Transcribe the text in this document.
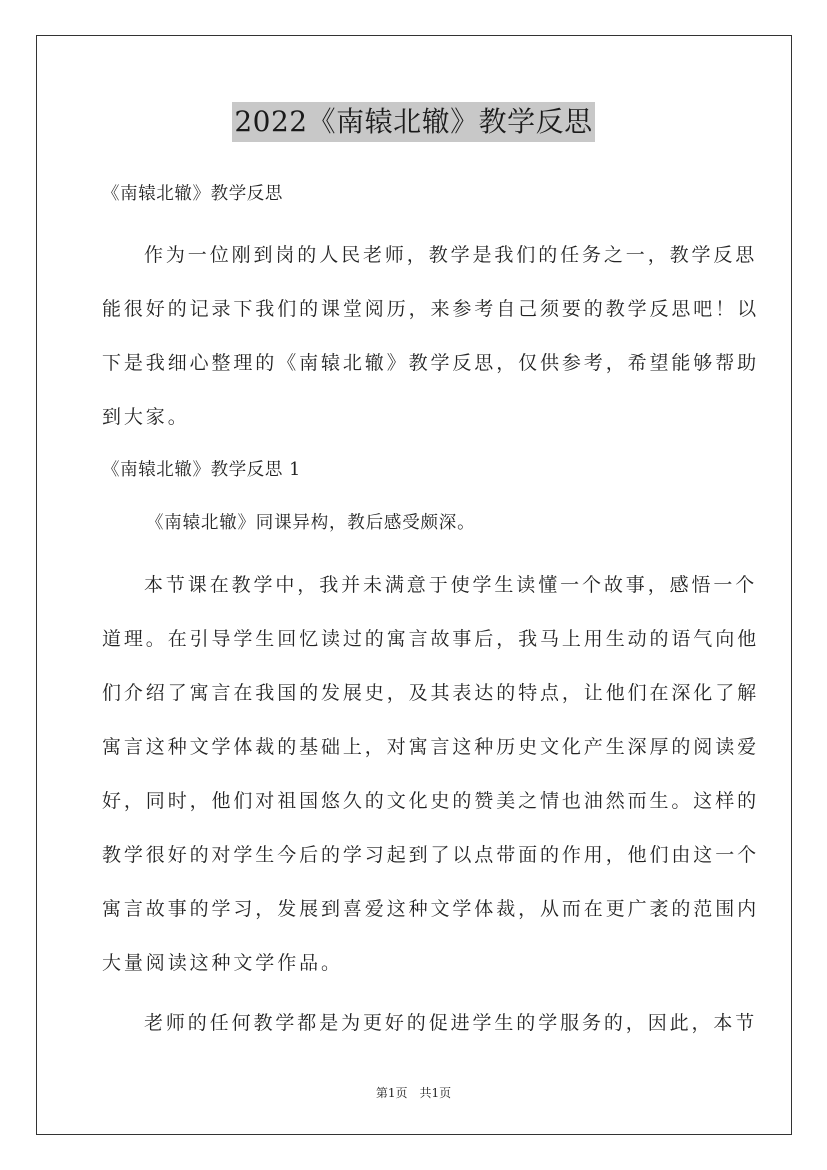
2022《南辕北辙》教学反思
《南辕北辙》教学反思
作为一位刚到岗的人民老师，教学是我们的任务之一，教学反思
能很好的记录下我们的课堂阅历，来参考自己须要的教学反思吧！以
下是我细心整理的《南辕北辙》教学反思，仅供参考，希望能够帮助
到大家。
《南辕北辙》教学反思 1
《南辕北辙》同课异构，教后感受颇深。
本节课在教学中，我并未满意于使学生读懂一个故事，感悟一个
道理。在引导学生回忆读过的寓言故事后，我马上用生动的语气向他
们介绍了寓言在我国的发展史，及其表达的特点，让他们在深化了解
寓言这种文学体裁的基础上，对寓言这种历史文化产生深厚的阅读爱
好，同时，他们对祖国悠久的文化史的赞美之情也油然而生。这样的
教学很好的对学生今后的学习起到了以点带面的作用，他们由这一个
寓言故事的学习，发展到喜爱这种文学体裁，从而在更广袤的范围内
大量阅读这种文学作品。
老师的任何教学都是为更好的促进学生的学服务的，因此，本节
第1页　共1页
